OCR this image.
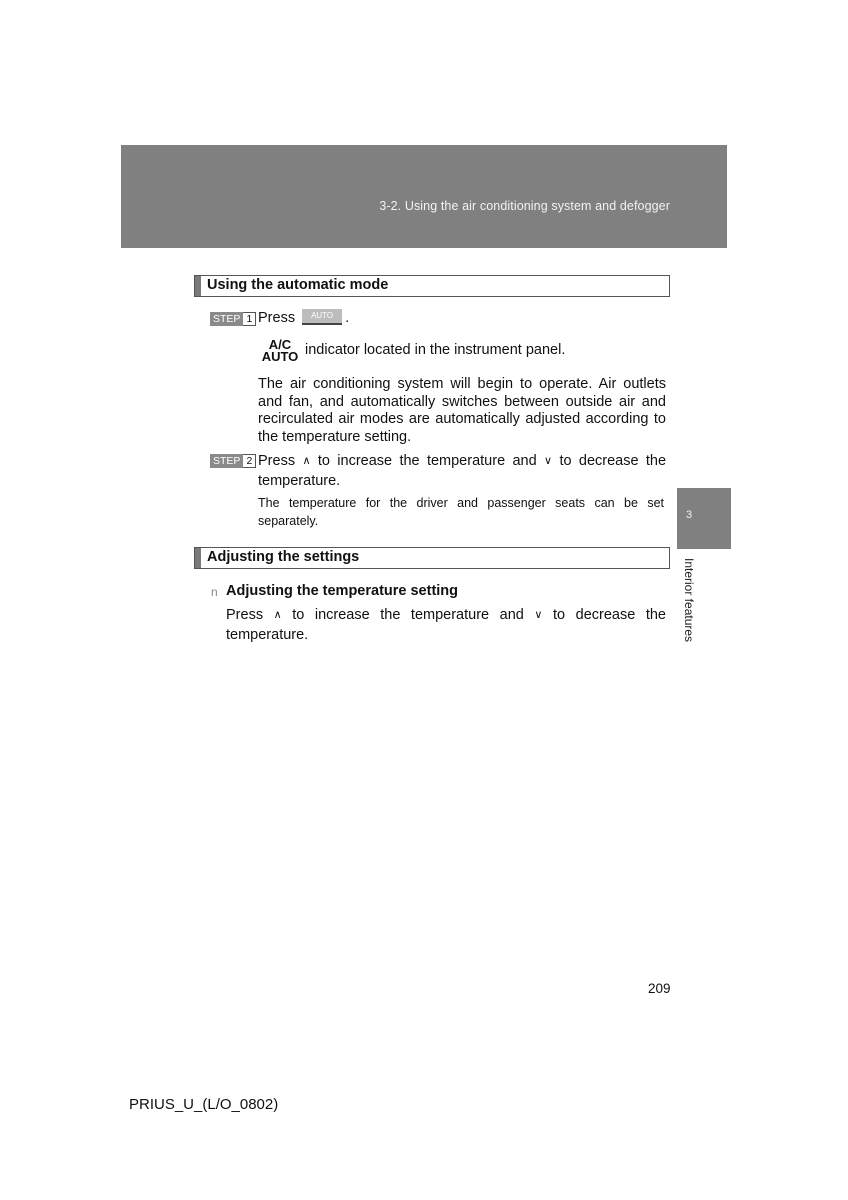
3-2. Using the air conditioning system and defogger
3
Interior features
Using the automatic mode
STEP 1 Press AUTO .
A/C
AUTO indicator located in the instrument panel.
The air conditioning system will begin to operate. Air outlets and fan, and automatically switches between outside air and recirculated air modes are automatically adjusted according to the temperature setting.
STEP 2 Press ∧ to increase the temperature and ∨ to decrease the temperature.
The temperature for the driver and passenger seats can be set separately.
Adjusting the settings
n Adjusting the temperature setting
Press ∧ to increase the temperature and ∨ to decrease the temperature.
209
PRIUS_U_(L/O_0802)
